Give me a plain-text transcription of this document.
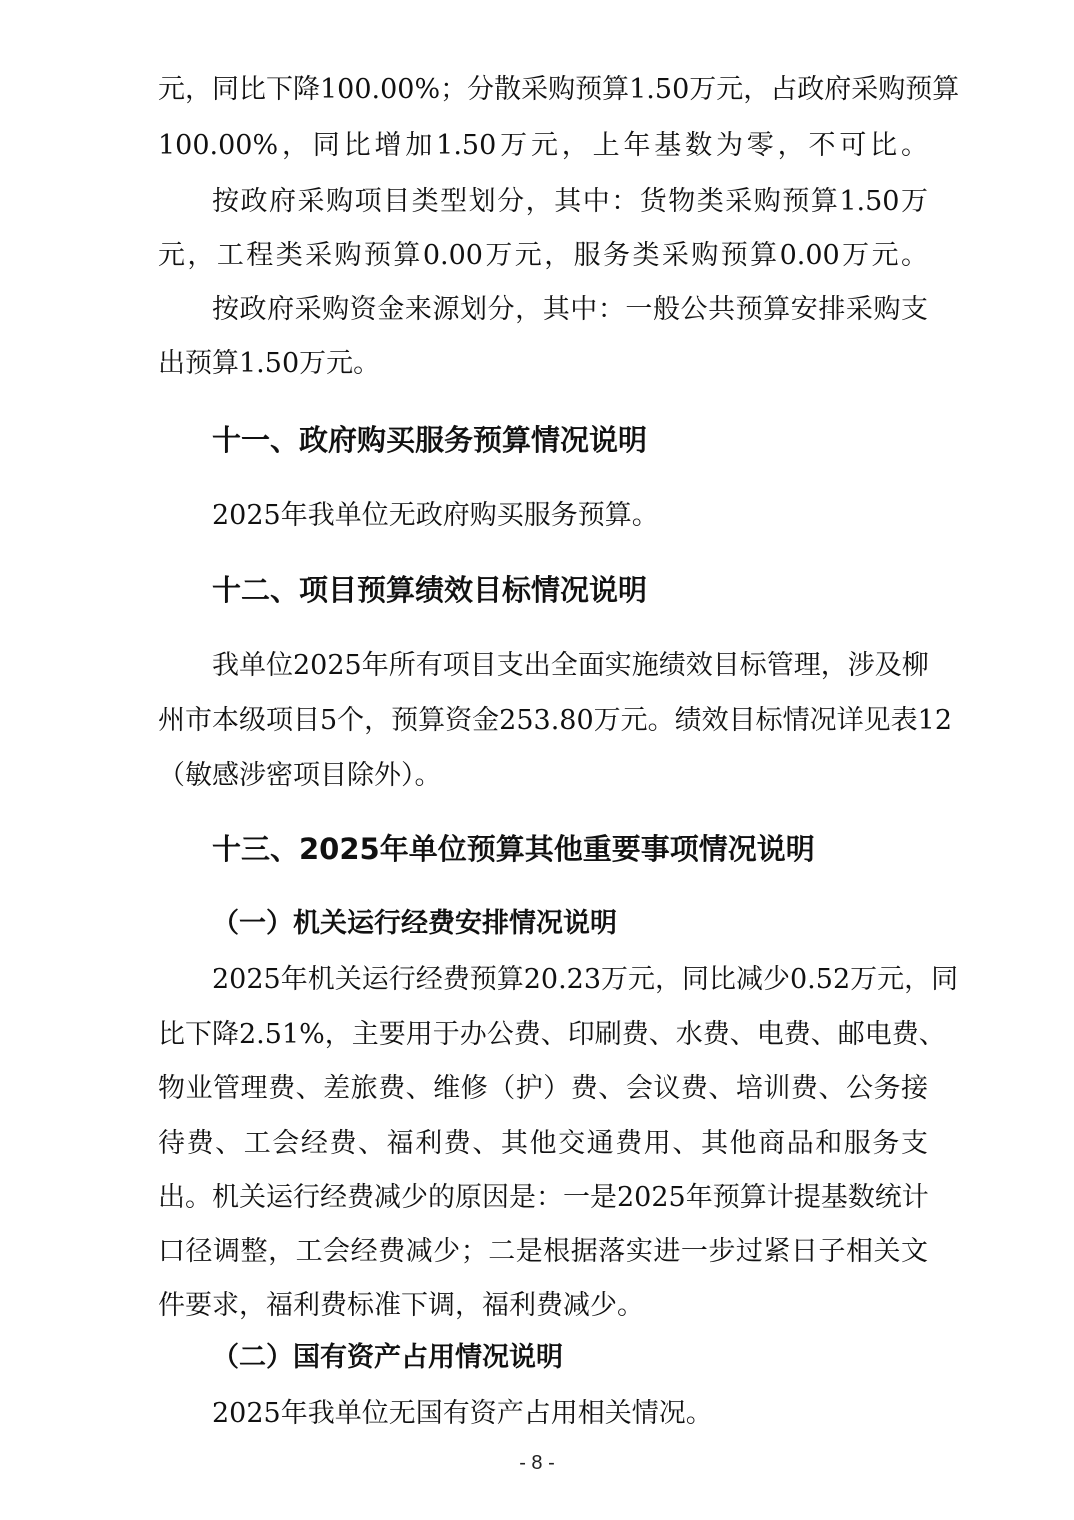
元，同比下降100.00%；分散采购预算1.50万元，占政府采购预算
100.00%，同比增加1.50万元，上年基数为零，不可比。
按政府采购项目类型划分，其中：货物类采购预算1.50万
元，工程类采购预算0.00万元，服务类采购预算0.00万元。
按政府采购资金来源划分，其中：一般公共预算安排采购支
出预算1.50万元。
十一、政府购买服务预算情况说明
2025年我单位无政府购买服务预算。
十二、项目预算绩效目标情况说明
我单位2025年所有项目支出全面实施绩效目标管理，涉及柳
州市本级项目5个，预算资金253.80万元。绩效目标情况详见表12
（敏感涉密项目除外）。
十三、2025年单位预算其他重要事项情况说明
（一）机关运行经费安排情况说明
2025年机关运行经费预算20.23万元，同比减少0.52万元，同
比下降2.51%，主要用于办公费、印刷费、水费、电费、邮电费、
物业管理费、差旅费、维修（护）费、会议费、培训费、公务接
待费、工会经费、福利费、其他交通费用、其他商品和服务支
出。机关运行经费减少的原因是：一是2025年预算计提基数统计
口径调整，工会经费减少；二是根据落实进一步过紧日子相关文
件要求，福利费标准下调，福利费减少。
（二）国有资产占用情况说明
2025年我单位无国有资产占用相关情况。
- 8 -
